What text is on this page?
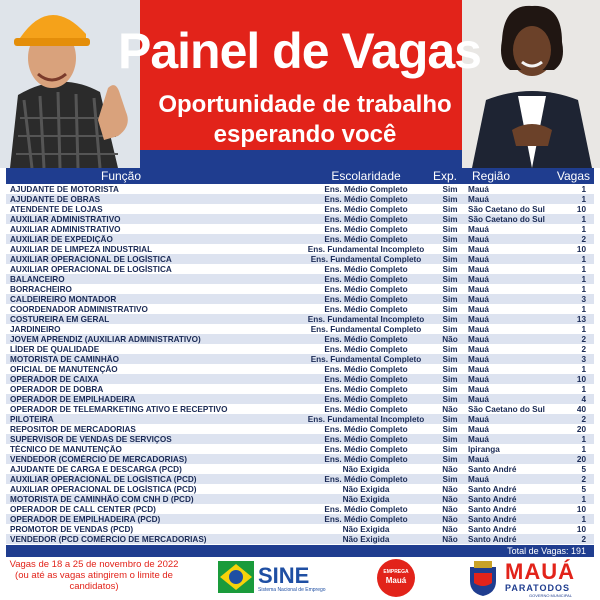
Painel de Vagas
Oportunidade de trabalho
esperando você
Função	Escolaridade	Exp.	Região	Vagas
AJUDANTE DE MOTORISTA	Ens. Médio Completo	Sim	Mauá	1
AJUDANTE DE OBRAS	Ens. Médio Completo	Sim	Mauá	1
ATENDENTE DE LOJAS	Ens. Médio Completo	Sim	São Caetano do Sul	10
AUXILIAR ADMINISTRATIVO	Ens. Médio Completo	Sim	São Caetano do Sul	1
AUXILIAR ADMINISTRATIVO	Ens. Médio Completo	Sim	Mauá	1
AUXILIAR DE EXPEDIÇÃO	Ens. Médio Completo	Sim	Mauá	2
AUXILIAR DE LIMPEZA INDUSTRIAL	Ens. Fundamental Incompleto	Sim	Mauá	10
AUXILIAR OPERACIONAL DE LOGÍSTICA	Ens. Fundamental Completo	Sim	Mauá	1
AUXILIAR OPERACIONAL DE LOGÍSTICA	Ens. Médio Completo	Sim	Mauá	1
BALANCEIRO	Ens. Médio Completo	Sim	Mauá	1
BORRACHEIRO	Ens. Médio Completo	Sim	Mauá	1
CALDEIREIRO MONTADOR	Ens. Médio Completo	Sim	Mauá	3
COORDENADOR ADMINISTRATIVO	Ens. Médio Completo	Sim	Mauá	1
COSTUREIRA EM GERAL	Ens. Fundamental Incompleto	Sim	Mauá	13
JARDINEIRO	Ens. Fundamental Completo	Sim	Mauá	1
JOVEM APRENDIZ (AUXILIAR ADMINISTRATIVO)	Ens. Médio Completo	Não	Mauá	2
LÍDER DE QUALIDADE	Ens. Médio Completo	Sim	Mauá	2
MOTORISTA DE CAMINHÃO	Ens. Fundamental Completo	Sim	Mauá	3
OFICIAL DE MANUTENÇÃO	Ens. Médio Completo	Sim	Mauá	1
OPERADOR DE CAIXA	Ens. Médio Completo	Sim	Mauá	10
OPERADOR DE DOBRA	Ens. Médio Completo	Sim	Mauá	1
OPERADOR DE EMPILHADEIRA	Ens. Médio Completo	Sim	Mauá	4
OPERADOR DE TELEMARKETING ATIVO E RECEPTIVO	Ens. Médio Completo	Não	São Caetano do Sul	40
PILOTEIRA	Ens. Fundamental Incompleto	Sim	Mauá	2
REPOSITOR DE MERCADORIAS	Ens. Médio Completo	Sim	Mauá	20
SUPERVISOR DE VENDAS DE SERVIÇOS	Ens. Médio Completo	Sim	Mauá	1
TÉCNICO DE MANUTENÇÃO	Ens. Médio Completo	Sim	Ipiranga	1
VENDEDOR (COMÉRCIO DE MERCADORIAS)	Ens. Médio Completo	Sim	Mauá	20
AJUDANTE DE CARGA E DESCARGA (PCD)	Não Exigida	Não	Santo André	5
AUXILIAR OPERACIONAL DE LOGÍSTICA (PCD)	Ens. Médio Completo	Sim	Mauá	2
AUXILIAR OPERACIONAL DE LOGÍSTICA (PCD)	Não Exigida	Não	Santo André	5
MOTORISTA DE CAMINHÃO COM CNH D (PCD)	Não Exigida	Não	Santo André	1
OPERADOR DE CALL CENTER (PCD)	Ens. Médio Completo	Não	Santo André	10
OPERADOR DE EMPILHADEIRA (PCD)	Ens. Médio Completo	Não	Santo André	1
PROMOTOR DE VENDAS (PCD)	Não Exigida	Não	Santo André	10
VENDEDOR (PCD COMÉRCIO DE MERCADORIAS)	Não Exigida	Não	Santo André	2
Total de Vagas: 191
Vagas de 18 a 25 de novembro de 2022 (ou até as vagas atingirem o limite de candidatos)	SINE
Sistema Nacional de Emprego
EMPREGA
Mauá	MAUÁ
PARATODOS
GOVERNO MUNICIPAL
